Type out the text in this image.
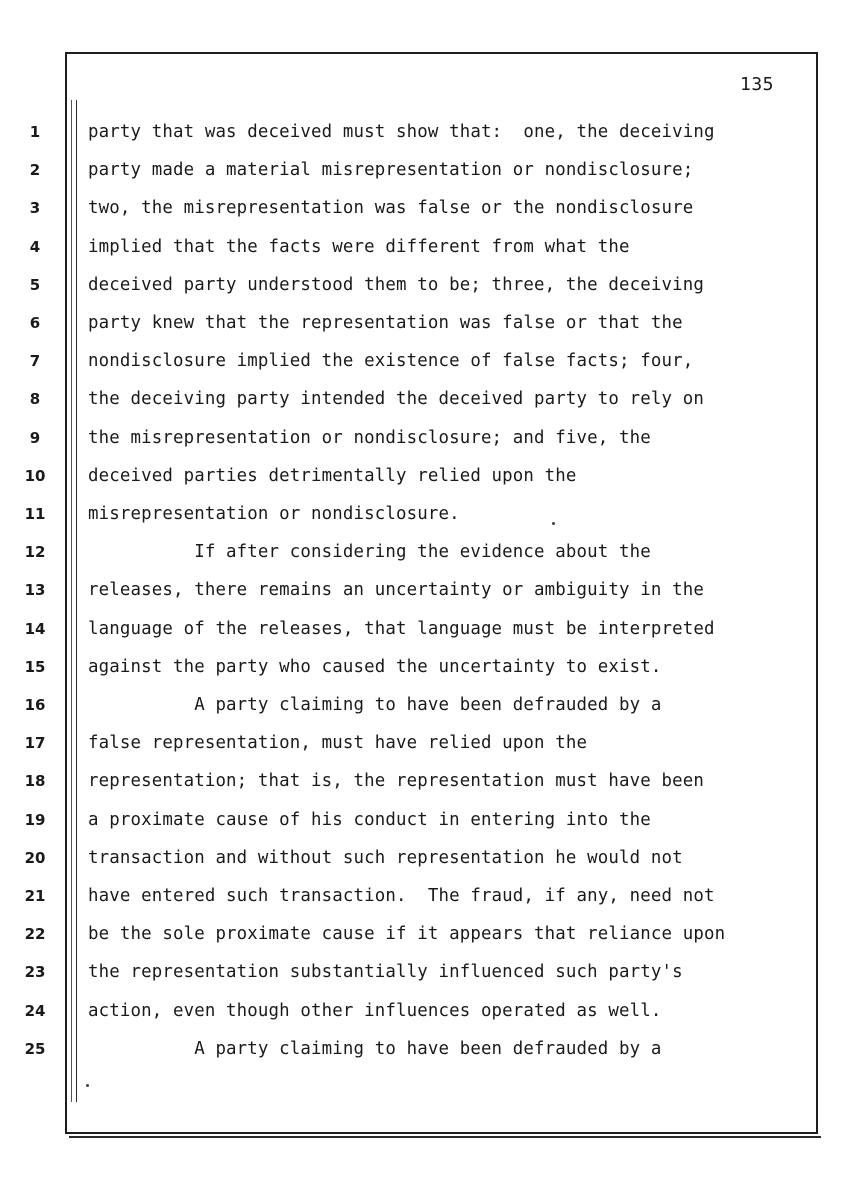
135
1	party that was deceived must show that:  one, the deceiving
2	party made a material misrepresentation or nondisclosure;
3	two, the misrepresentation was false or the nondisclosure
4	implied that the facts were different from what the
5	deceived party understood them to be; three, the deceiving
6	party knew that the representation was false or that the
7	nondisclosure implied the existence of false facts; four,
8	the deceiving party intended the deceived party to rely on
9	the misrepresentation or nondisclosure; and five, the
10	deceived parties detrimentally relied upon the
11	misrepresentation or nondisclosure.
12	If after considering the evidence about the
13	releases, there remains an uncertainty or ambiguity in the
14	language of the releases, that language must be interpreted
15	against the party who caused the uncertainty to exist.
16	A party claiming to have been defrauded by a
17	false representation, must have relied upon the
18	representation; that is, the representation must have been
19	a proximate cause of his conduct in entering into the
20	transaction and without such representation he would not
21	have entered such transaction.  The fraud, if any, need not
22	be the sole proximate cause if it appears that reliance upon
23	the representation substantially influenced such party's
24	action, even though other influences operated as well.
25	A party claiming to have been defrauded by a
